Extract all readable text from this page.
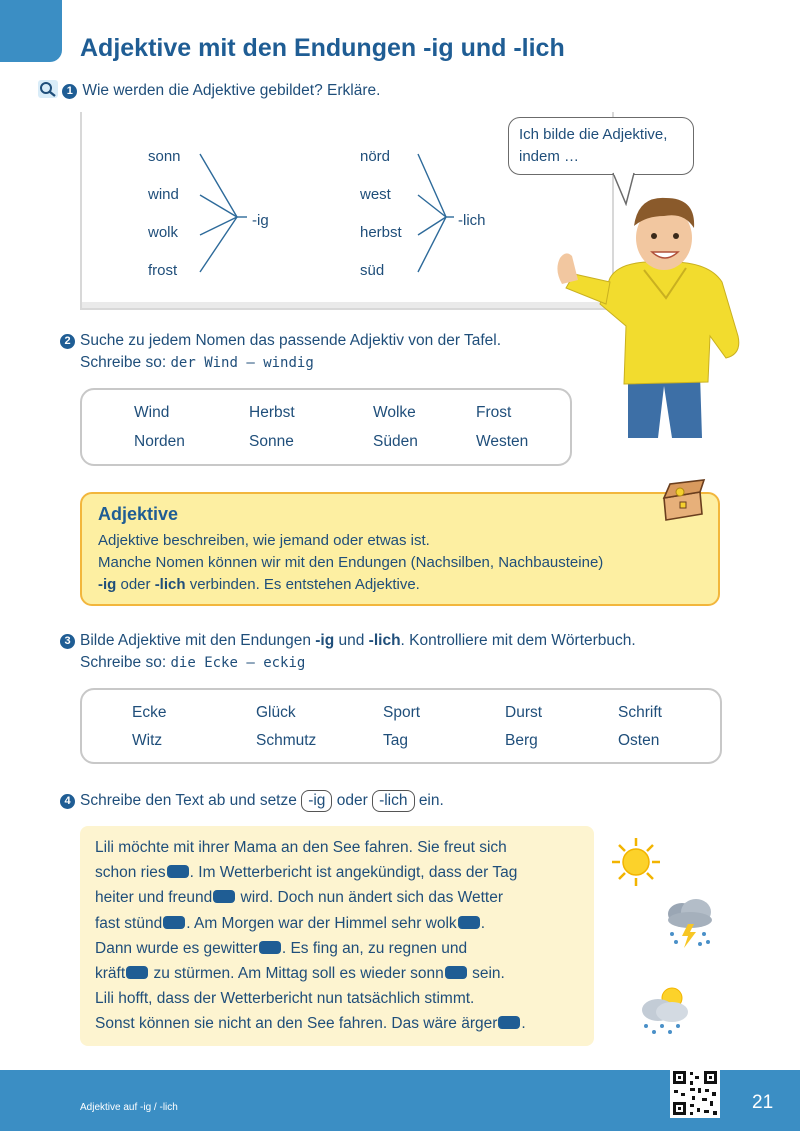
Adjektive mit den Endungen -ig und -lich
1 Wie werden die Adjektive gebildet? Erkläre.
sonn
wind
wolk
frost
-ig
nörd
west
herbst
süd
-lich
Ich bilde die Adjektive,
indem …
2 Suche zu jedem Nomen das passende Adjektiv von der Tafel.
Schreibe so: der Wind – windig
Wind	Herbst	Wolke	Frost
Norden	Sonne	Süden	Westen
Adjektive
Adjektive beschreiben, wie jemand oder etwas ist.
Manche Nomen können wir mit den Endungen (Nachsilben, Nachbausteine)
-ig oder -lich verbinden. Es entstehen Adjektive.
3 Bilde Adjektive mit den Endungen -ig und -lich. Kontrolliere mit dem Wörterbuch.
Schreibe so: die Ecke – eckig
Ecke	Glück	Sport	Durst	Schrift
Witz	Schmutz	Tag	Berg	Osten
4 Schreibe den Text ab und setze -ig oder -lich ein.
Lili möchte mit ihrer Mama an den See fahren. Sie freut sich
schon ries . Im Wetterbericht ist angekündigt, dass der Tag
heiter und freund wird. Doch nun ändert sich das Wetter
fast stünd . Am Morgen war der Himmel sehr wolk .
Dann wurde es gewitter . Es fing an, zu regnen und
kräft zu stürmen. Am Mittag soll es wieder sonn sein.
Lili hofft, dass der Wetterbericht nun tatsächlich stimmt.
Sonst können sie nicht an den See fahren. Das wäre ärger .
Adjektive auf -ig / -lich	21
